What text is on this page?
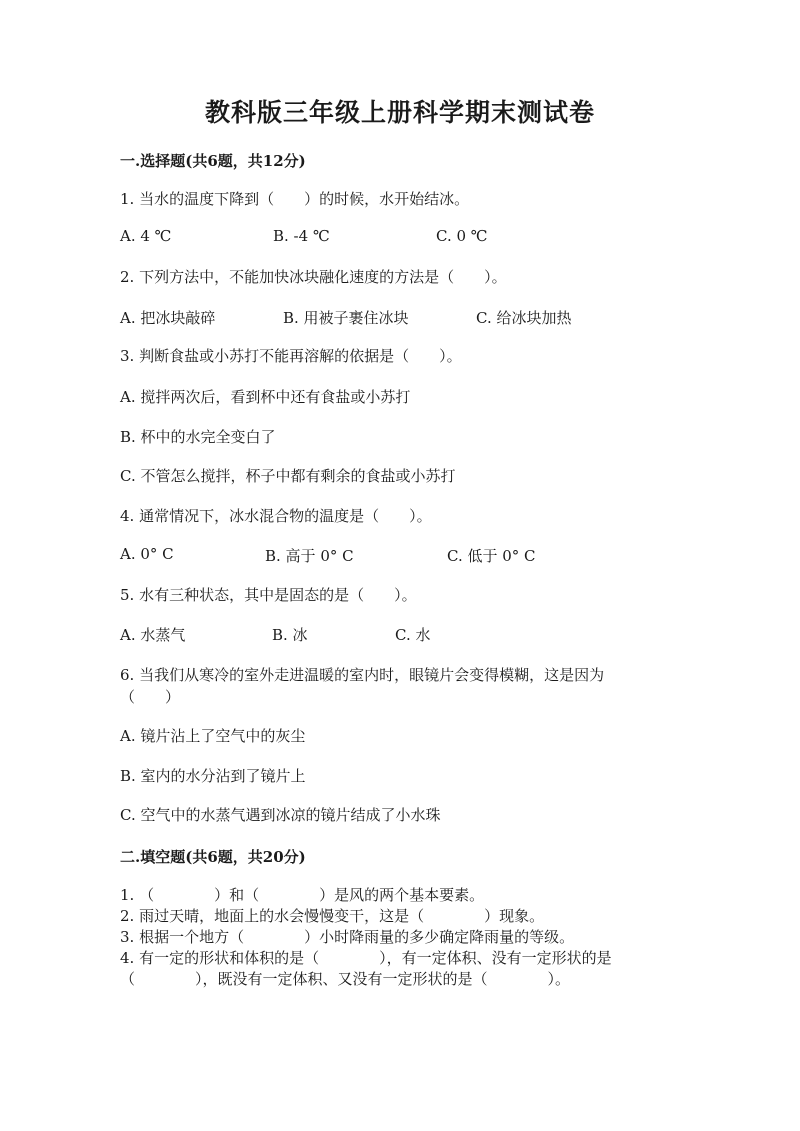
教科版三年级上册科学期末测试卷
一.选择题(共6题，共12分)
1. 当水的温度下降到（　　）的时候，水开始结冰。
A. 4 ℃	B. -4 ℃	C. 0 ℃
2. 下列方法中，不能加快冰块融化速度的方法是（　　）。
A. 把冰块敲碎	B. 用被子裹住冰块	C. 给冰块加热
3. 判断食盐或小苏打不能再溶解的依据是（　　）。
A. 搅拌两次后，看到杯中还有食盐或小苏打
B. 杯中的水完全变白了
C. 不管怎么搅拌，杯子中都有剩余的食盐或小苏打
4. 通常情况下，冰水混合物的温度是（　　）。
A. 0° C	B. 高于 0° C	C. 低于 0° C
5. 水有三种状态，其中是固态的是（　　）。
A. 水蒸气	B. 冰	C. 水
6. 当我们从寒冷的室外走进温暖的室内时，眼镜片会变得模糊，这是因为
（　　）
A. 镜片沾上了空气中的灰尘
B. 室内的水分沾到了镜片上
C. 空气中的水蒸气遇到冰凉的镜片结成了小水珠
二.填空题(共6题，共20分)
1. （　　　　）和（　　　　）是风的两个基本要素。
2. 雨过天晴，地面上的水会慢慢变干，这是（　　　　）现象。
3. 根据一个地方（　　　　）小时降雨量的多少确定降雨量的等级。
4. 有一定的形状和体积的是（　　　　），有一定体积、没有一定形状的是
（　　　　），既没有一定体积、又没有一定形状的是（　　　　）。
